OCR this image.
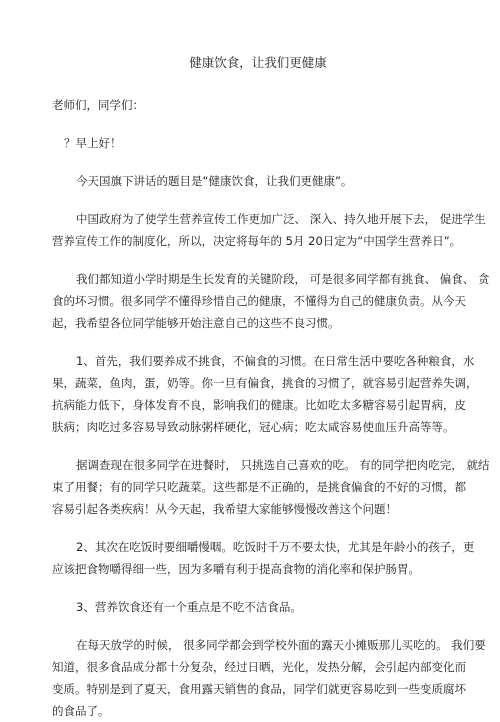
健康饮食，让我们更健康
老师们，同学们：
？早上好！
今天国旗下讲话的题目是“健康饮食，让我们更健康”。
中国政府为了使学生营养宣传工作更加广泛、 深入、持久地开展下去， 促进学生
营养宣传工作的制度化，所以，决定将每年的 5月 20日定为“中国学生营养日”。
我们都知道小学时期是生长发育的关键阶段， 可是很多同学都有挑食、 偏食、 贪
食的坏习惯。很多同学不懂得珍惜自己的健康，不懂得为自己的健康负责。从今天
起，我希望各位同学能够开始注意自己的这些不良习惯。
1、首先，我们要养成不挑食，不偏食的习惯。在日常生活中要吃各种粮食，水
果，蔬菜，鱼肉，蛋，奶等。你一旦有偏食，挑食的习惯了，就容易引起营养失调，
抗病能力低下，身体发育不良，影响我们的健康。比如吃太多糖容易引起胃病，皮
肤病；肉吃过多容易导致动脉粥样硬化，冠心病；吃太咸容易使血压升高等等。
据调查现在很多同学在进餐时， 只挑选自己喜欢的吃。 有的同学把肉吃完， 就结
束了用餐；有的同学只吃蔬菜。这些都是不正确的，是挑食偏食的不好的习惯，都
容易引起各类疾病！从今天起，我希望大家能够慢慢改善这个问题！
2、其次在吃饭时要细嚼慢咽。吃饭时千万不要太快，尤其是年龄小的孩子，更
应该把食物嚼得细一些，因为多嚼有利于提高食物的消化率和保护肠胃。
3、营养饮食还有一个重点是不吃不洁食品。
在每天放学的时候， 很多同学都会到学校外面的露天小摊贩那儿买吃的。 我们要
知道，很多食品成分都十分复杂，经过日晒，光化，发热分解，会引起内部变化而
变质。特别是到了夏天，食用露天销售的食品，同学们就更容易吃到一些变质腐坏
的食品了。
